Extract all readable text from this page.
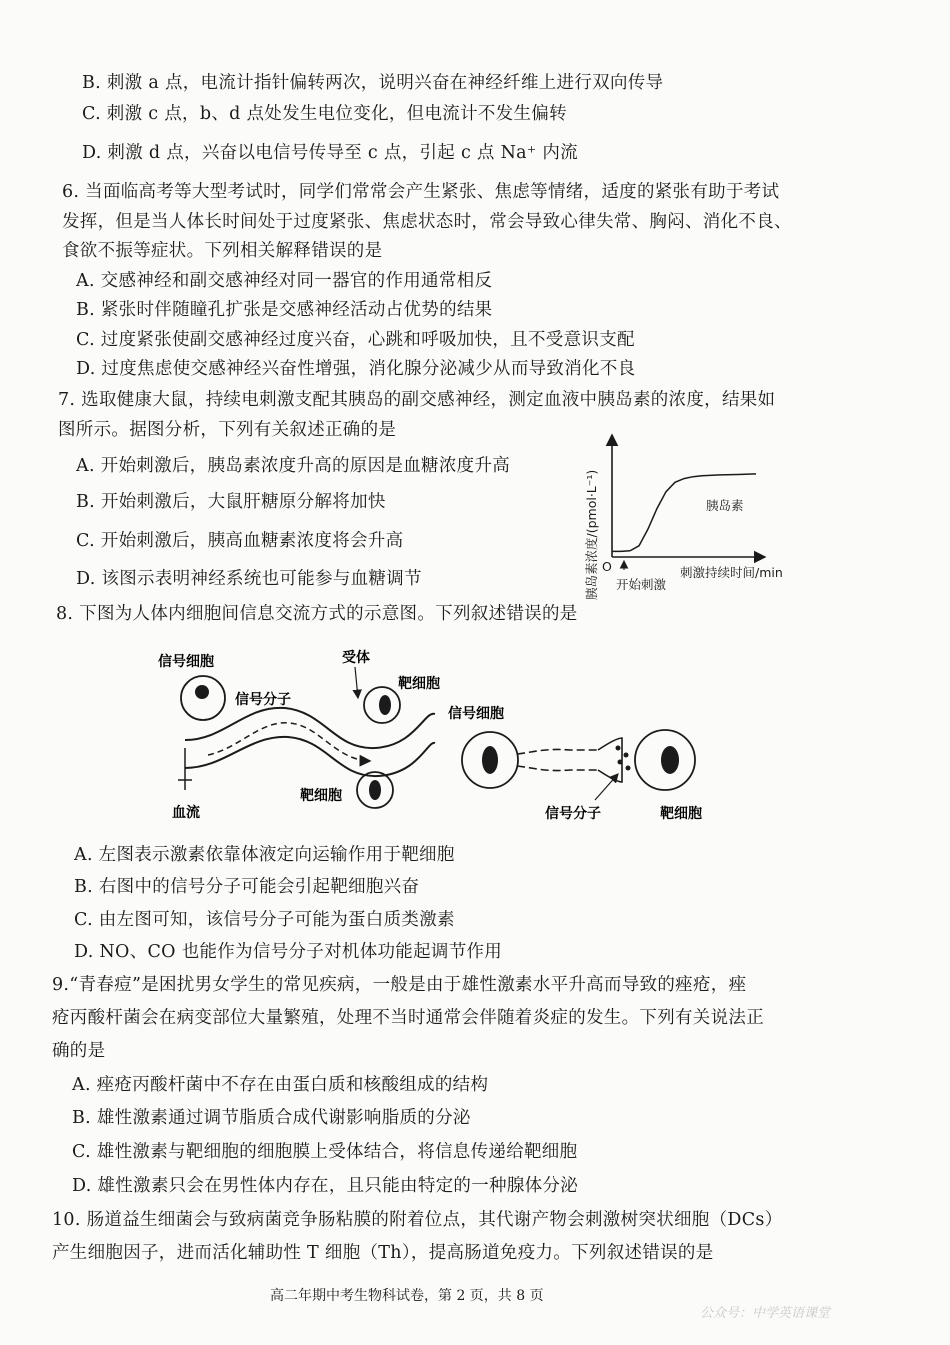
B. 刺激 a 点，电流计指针偏转两次，说明兴奋在神经纤维上进行双向传导
C. 刺激 c 点，b、d 点处发生电位变化，但电流计不发生偏转
D. 刺激 d 点，兴奋以电信号传导至 c 点，引起 c 点 Na⁺ 内流
6. 当面临高考等大型考试时，同学们常常会产生紧张、焦虑等情绪，适度的紧张有助于考试
发挥，但是当人体长时间处于过度紧张、焦虑状态时，常会导致心律失常、胸闷、消化不良、
食欲不振等症状。下列相关解释错误的是
A. 交感神经和副交感神经对同一器官的作用通常相反
B. 紧张时伴随瞳孔扩张是交感神经活动占优势的结果
C. 过度紧张使副交感神经过度兴奋，心跳和呼吸加快，且不受意识支配
D. 过度焦虑使交感神经兴奋性增强，消化腺分泌减少从而导致消化不良
7. 选取健康大鼠，持续电刺激支配其胰岛的副交感神经，测定血液中胰岛素的浓度，结果如
图所示。据图分析，下列有关叙述正确的是
A. 开始刺激后，胰岛素浓度升高的原因是血糖浓度升高
B. 开始刺激后，大鼠肝糖原分解将加快
C. 开始刺激后，胰高血糖素浓度将会升高
D. 该图示表明神经系统也可能参与血糖调节	胰岛素浓度/(pmol·L⁻¹)	刺激持续时间/min
O
开始刺激
胰岛素
8. 下图为人体内细胞间信息交流方式的示意图。下列叙述错误的是
信号细胞
信号分子
血流
受体
靶细胞
靶细胞
信号细胞
信号分子	靶细胞
A. 左图表示激素依靠体液定向运输作用于靶细胞
B. 右图中的信号分子可能会引起靶细胞兴奋
C. 由左图可知，该信号分子可能为蛋白质类激素
D. NO、CO 也能作为信号分子对机体功能起调节作用
9.“青春痘”是困扰男女学生的常见疾病，一般是由于雄性激素水平升高而导致的痤疮，痤
疮丙酸杆菌会在病变部位大量繁殖，处理不当时通常会伴随着炎症的发生。下列有关说法正
确的是
A. 痤疮丙酸杆菌中不存在由蛋白质和核酸组成的结构
B. 雄性激素通过调节脂质合成代谢影响脂质的分泌
C. 雄性激素与靶细胞的细胞膜上受体结合，将信息传递给靶细胞
D. 雄性激素只会在男性体内存在，且只能由特定的一种腺体分泌
10. 肠道益生细菌会与致病菌竞争肠粘膜的附着位点，其代谢产物会刺激树突状细胞（DCs）
产生细胞因子，进而活化辅助性 T 细胞（Th），提高肠道免疫力。下列叙述错误的是
高二年期中考生物科试卷，第 2 页，共 8 页
公众号：中学英语课堂
